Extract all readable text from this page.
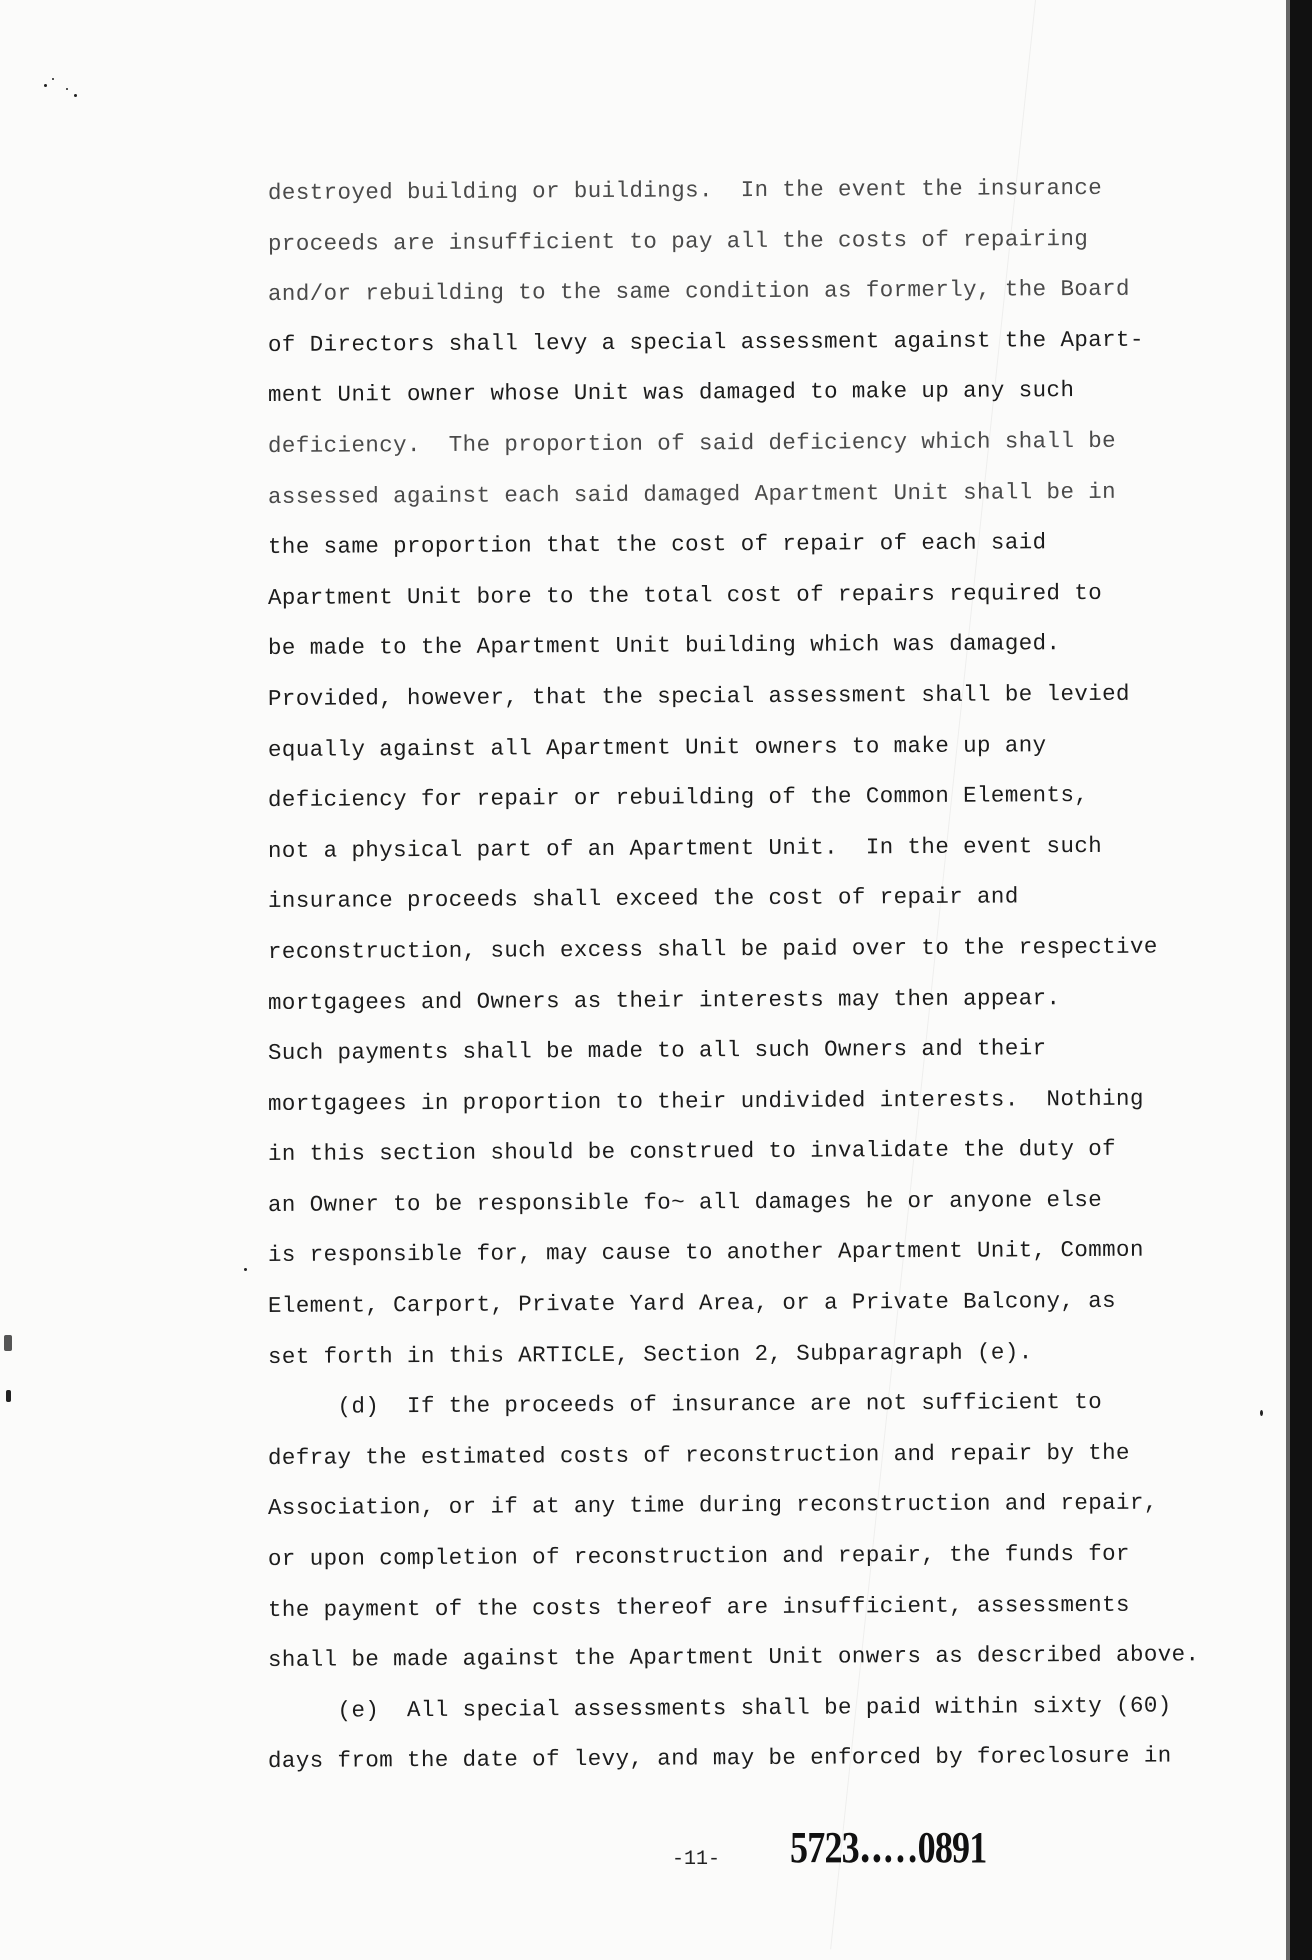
destroyed building or buildings.  In the event the insurance
proceeds are insufficient to pay all the costs of repairing
and/or rebuilding to the same condition as formerly, the Board
of Directors shall levy a special assessment against the Apart-
ment Unit owner whose Unit was damaged to make up any such
deficiency.  The proportion of said deficiency which shall be
assessed against each said damaged Apartment Unit shall be in
the same proportion that the cost of repair of each said
Apartment Unit bore to the total cost of repairs required to
be made to the Apartment Unit building which was damaged.
Provided, however, that the special assessment shall be levied
equally against all Apartment Unit owners to make up any
deficiency for repair or rebuilding of the Common Elements,
not a physical part of an Apartment Unit.  In the event such
insurance proceeds shall exceed the cost of repair and
reconstruction, such excess shall be paid over to the respective
mortgagees and Owners as their interests may then appear.
Such payments shall be made to all such Owners and their
mortgagees in proportion to their undivided interests.  Nothing
in this section should be construed to invalidate the duty of
an Owner to be responsible fo~ all damages he or anyone else
is responsible for, may cause to another Apartment Unit, Common
Element, Carport, Private Yard Area, or a Private Balcony, as
set forth in this ARTICLE, Section 2, Subparagraph (e).
(d)  If the proceeds of insurance are not sufficient to
defray the estimated costs of reconstruction and repair by the
Association, or if at any time during reconstruction and repair,
or upon completion of reconstruction and repair, the funds for
the payment of the costs thereof are insufficient, assessments
shall be made against the Apartment Unit onwers as described above.
(e)  All special assessments shall be paid within sixty (60)
days from the date of levy, and may be enforced by foreclosure in
-11- 5723․․…0891
